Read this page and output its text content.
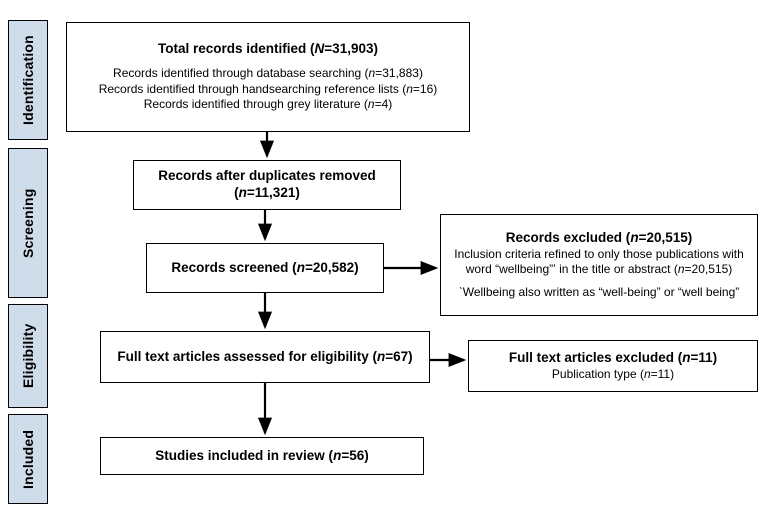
Identification
Screening
Eligibility
Included
Total records identified (N=31,903)
Records identified through database searching (n=31,883)
Records identified through handsearching reference lists (n=16)
Records identified through grey literature (n=4)
Records after duplicates removed (n=11,321)
Records screened (n=20,582)
Records excluded (n=20,515)
Inclusion criteria refined to only those publications with word “wellbeing”ʼ in the title or abstract (n=20,515)
ˋWellbeing also written as “well-being” or “well being”
Full text articles assessed for eligibility (n=67)	Full text articles excluded (n=11)
Publication type (n=11)
Studies included in review (n=56)
